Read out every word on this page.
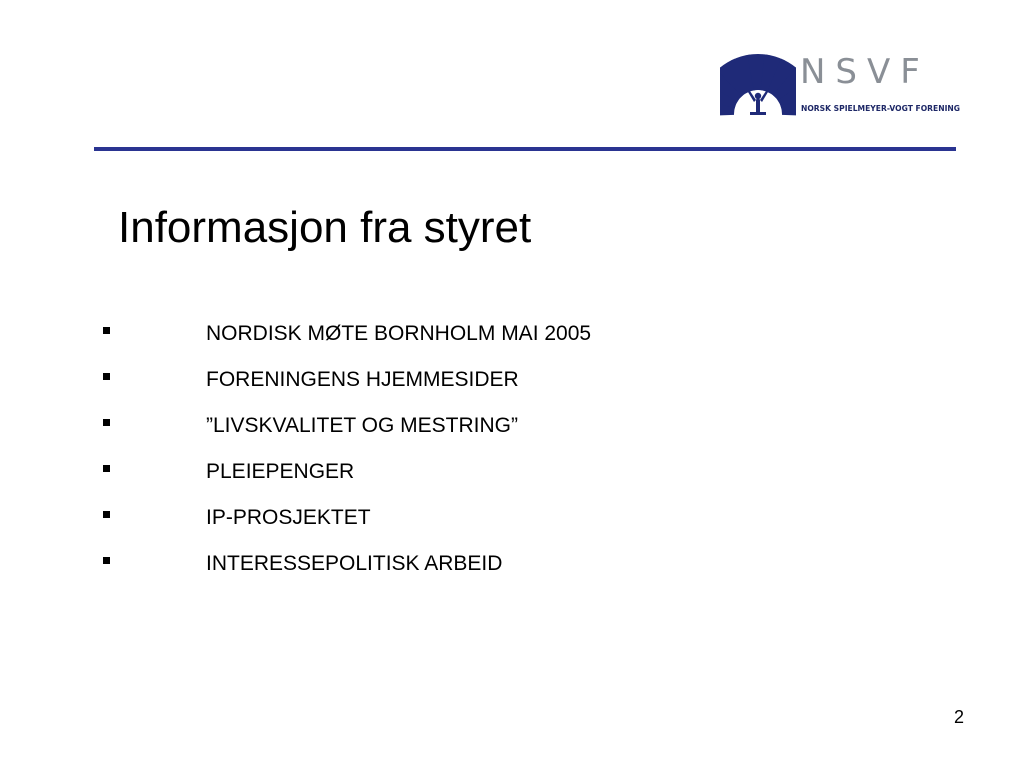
NSVF
NORSK SPIELMEYER-VOGT FORENING
Informasjon fra styret
NORDISK MØTE BORNHOLM MAI 2005
FORENINGENS HJEMMESIDER
”LIVSKVALITET OG MESTRING”
PLEIEPENGER
IP-PROSJEKTET
INTERESSEPOLITISK ARBEID
2
